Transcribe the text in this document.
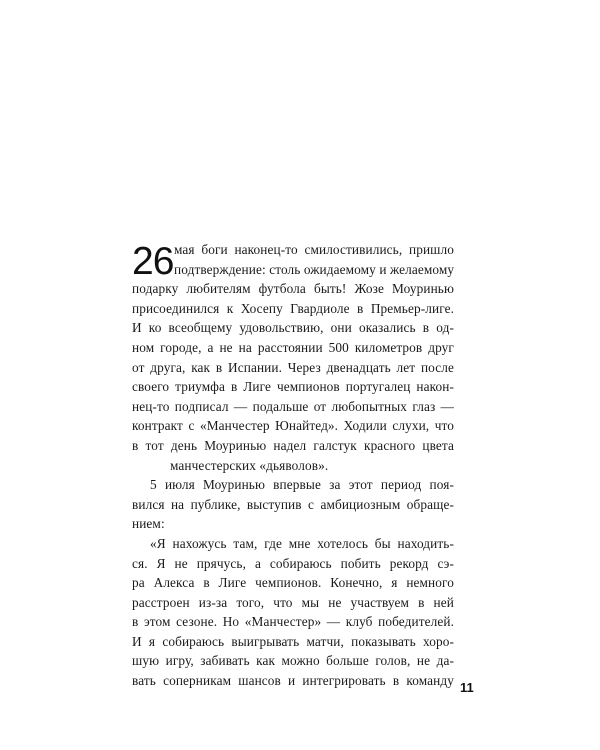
26 мая боги наконец-то смилостивились, пришло
подтверждение: столь ожидаемому и желаемому
подарку любителям футбола быть! Жозе Моуринью
присоединился к Хосепу Гвардиоле в Премьер-лиге.
И ко всеобщему удовольствию, они оказались в од-
ном городе, а не на расстоянии 500 километров друг
от друга, как в Испании. Через двенадцать лет после
своего триумфа в Лиге чемпионов португалец након-
нец-то подписал — подальше от любопытных глаз —
контракт с «Манчестер Юнайтед». Ходили слухи, что
в тот день Моуринью надел галстук красного цвета
манчестерских «дьяволов».
5 июля Моуринью впервые за этот период поя-
вился на публике, выступив с амбициозным обраще-
нием:
«Я нахожусь там, где мне хотелось бы находить-
ся. Я не прячусь, а собираюсь побить рекорд сэ-
ра Алекса в Лиге чемпионов. Конечно, я немного
расстроен из-за того, что мы не участвуем в ней
в этом сезоне. Но «Манчестер» — клуб победителей.
И я собираюсь выигрывать матчи, показывать хоро-
шую игру, забивать как можно больше голов, не да-
вать соперникам шансов и интегрировать в команду 11
